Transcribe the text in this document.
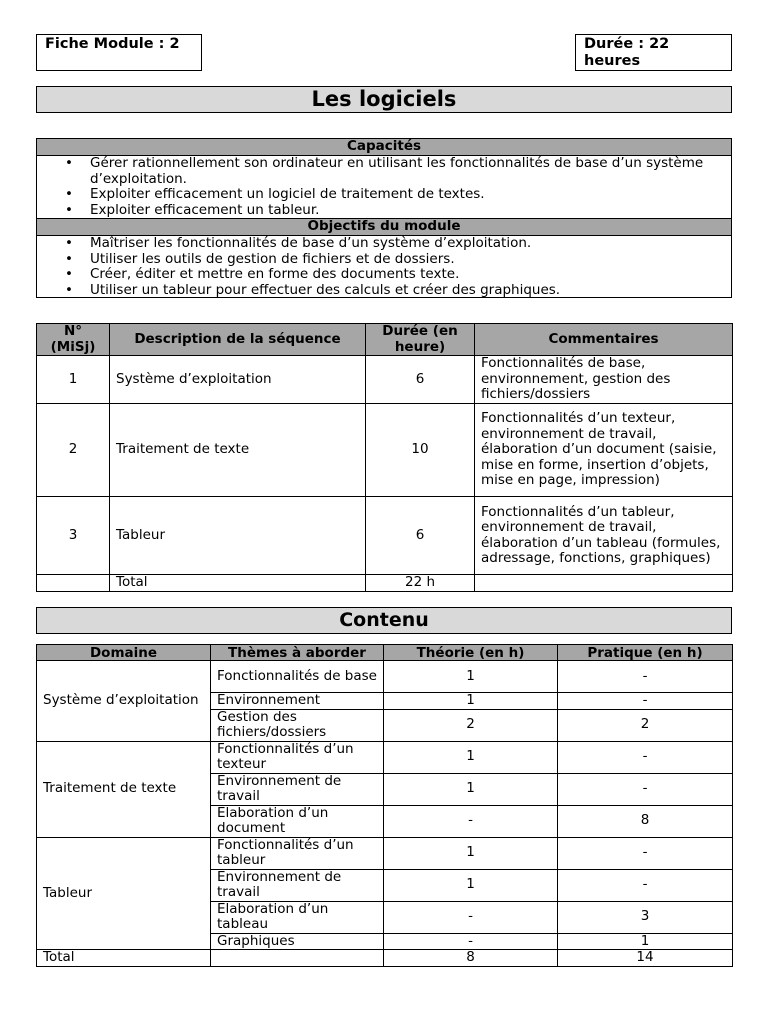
Fiche Module : 2	Durée : 22 heures
Les logiciels
Capacités
• Gérer rationnellement son ordinateur en utilisant les fonctionnalités de base d’un système d’exploitation.
• Exploiter efficacement un logiciel de traitement de textes.
• Exploiter efficacement un tableur.
Objectifs du module
• Maîtriser les fonctionnalités de base d’un système d’exploitation.
• Utiliser les outils de gestion de fichiers et de dossiers.
• Créer, éditer et mettre en forme des documents texte.
• Utiliser un tableur pour effectuer des calculs et créer des graphiques.
N° (MiSj)	Description de la séquence	Durée (en heure)	Commentaires
1	Système d’exploitation	6	Fonctionnalités de base, environnement, gestion des fichiers/dossiers
2	Traitement de texte	10	Fonctionnalités d’un texteur, environnement de travail, élaboration d’un document (saisie, mise en forme, insertion d’objets, mise en page, impression)
3	Tableur	6	Fonctionnalités d’un tableur, environnement de travail, élaboration d’un tableau (formules, adressage, fonctions, graphiques)
	Total	22 h	
Contenu
Domaine	Thèmes à aborder	Théorie (en h)	Pratique (en h)
Système d’exploitation	Fonctionnalités de base	1	-
	Environnement	1	-
	Gestion des fichiers/dossiers	2	2
Traitement de texte	Fonctionnalités d’un texteur	1	-
	Environnement de travail	1	-
	Elaboration d’un document	-	8
Tableur	Fonctionnalités d’un tableur	1	-
	Environnement de travail	1	-
	Elaboration d’un tableau	-	3
	Graphiques	-	1
Total		8	14
